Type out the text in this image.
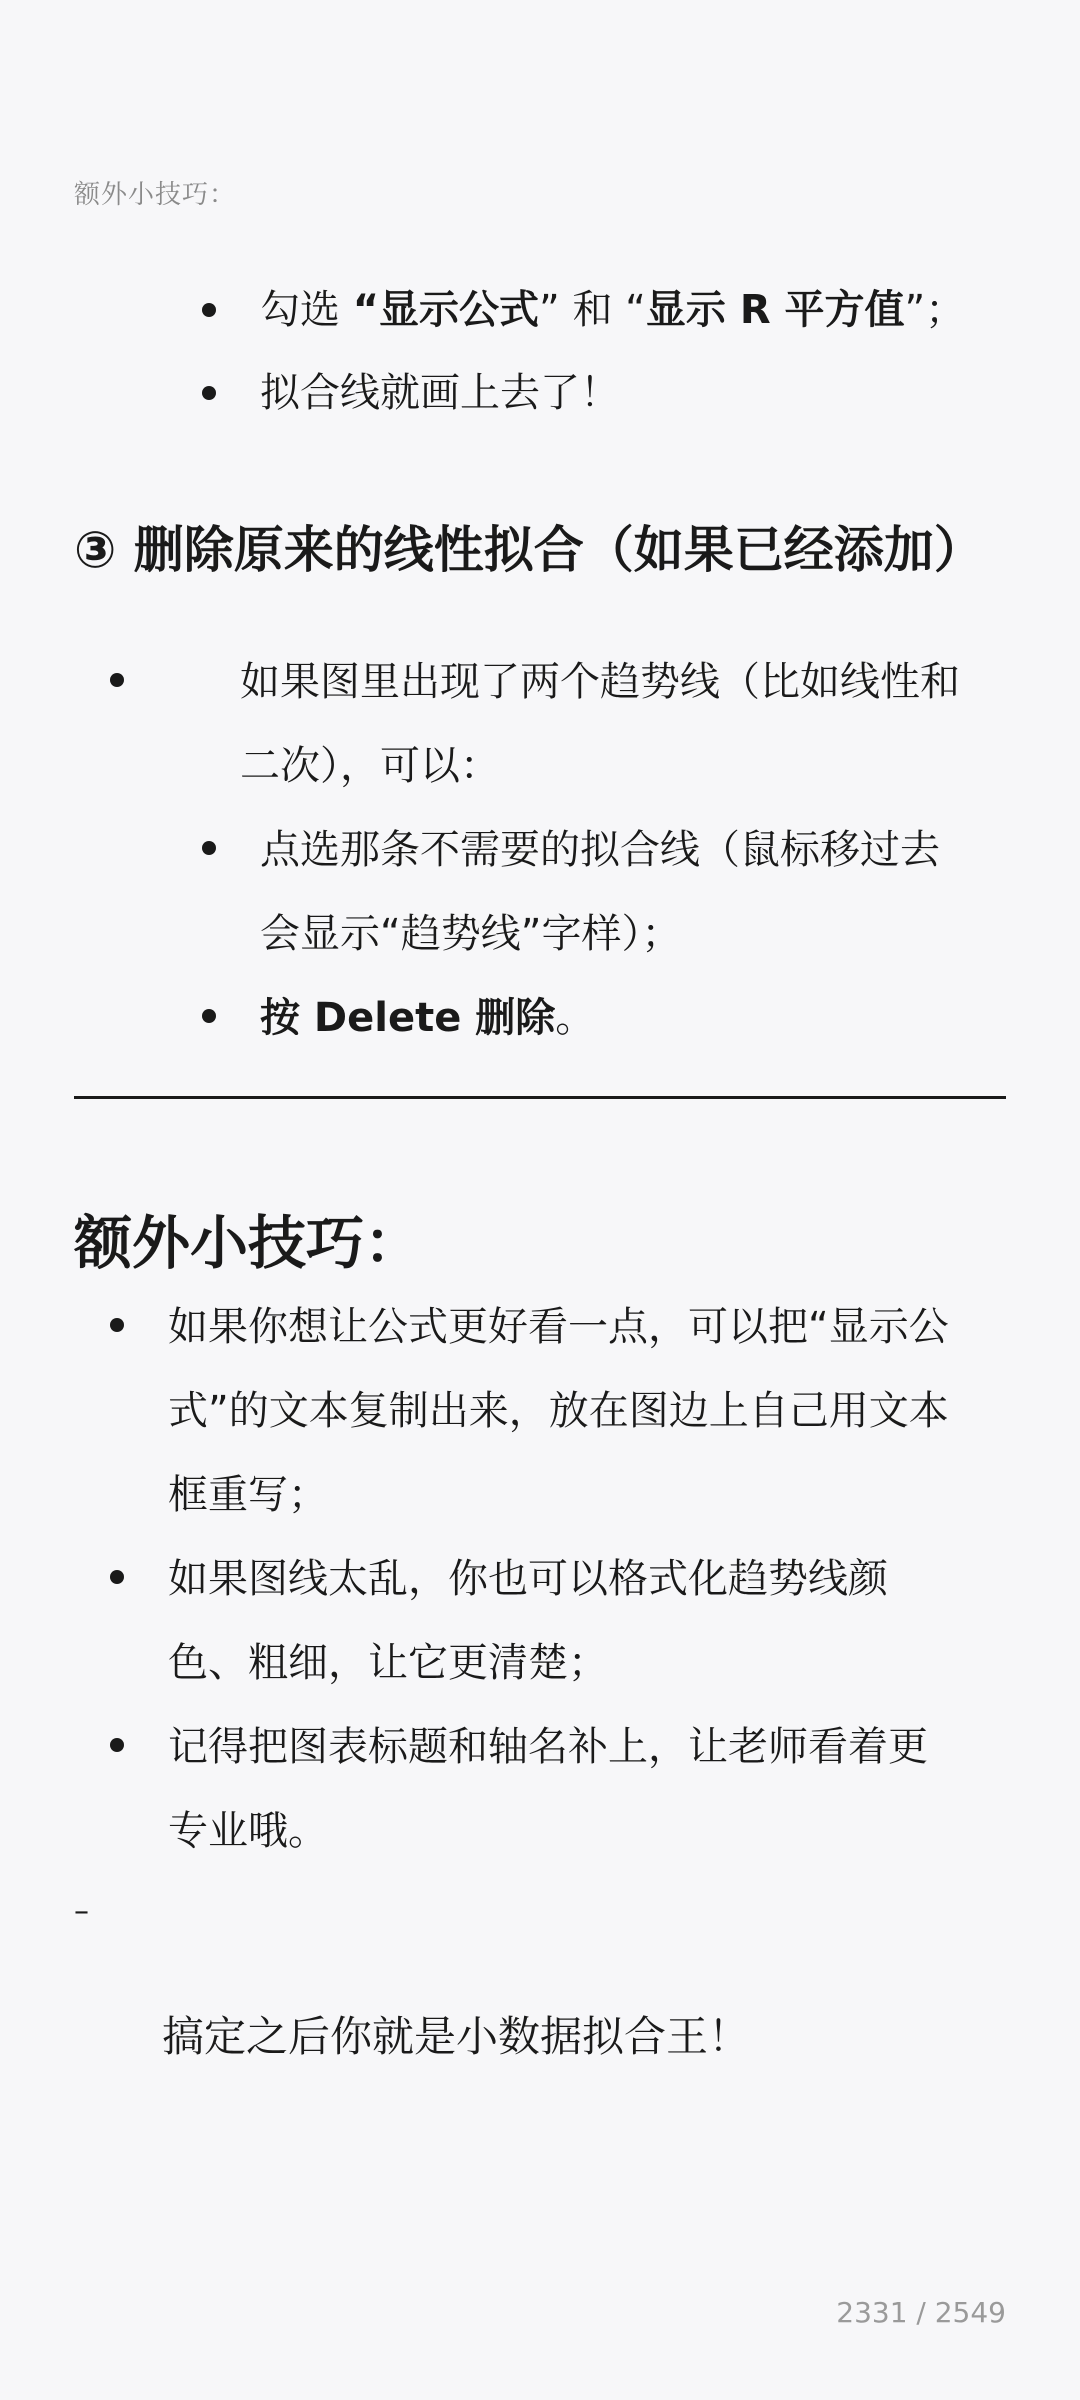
额外小技巧：
勾选 “显示公式” 和 “显示 R 平方值”；
拟合线就画上去了！
③ 删除原来的线性拟合（如果已经添加）
如果图里出现了两个趋势线（比如线性和
二次），可以：
点选那条不需要的拟合线（鼠标移过去
会显示“趋势线”字样）；
按 Delete 删除。
额外小技巧：
如果你想让公式更好看一点，可以把“显示公
式”的文本复制出来，放在图边上自己用文本
框重写；
如果图线太乱，你也可以格式化趋势线颜
色、粗细，让它更清楚；
记得把图表标题和轴名补上，让老师看着更
专业哦。
–
搞定之后你就是小数据拟合王！
2331 / 2549
